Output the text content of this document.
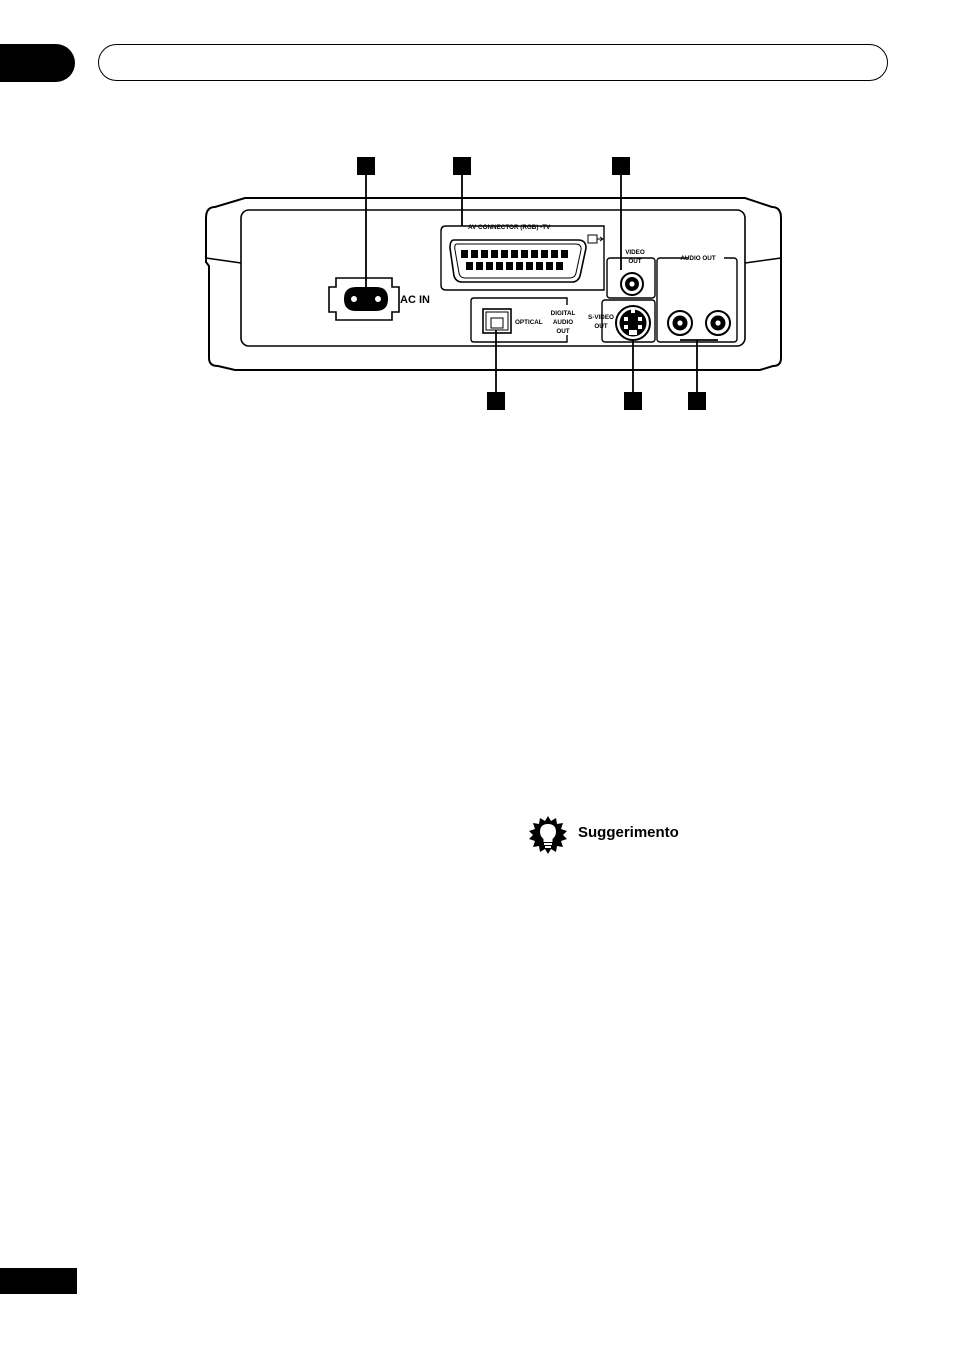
AC IN
AV CONNECTOR (RGB) -TV
VIDEO
OUT	AUDIO OUT
S-VIDEO
OUT
OPTICAL
DIGITAL
AUDIO
OUT
Suggerimento
